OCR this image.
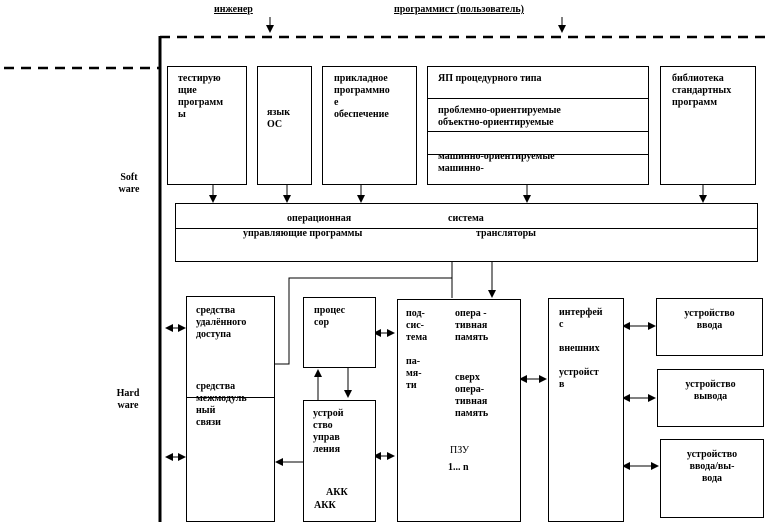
инженер	программист (пользователь)
Soft
ware
Hard
ware
тестирую
щие
программ
ы	язык
ОС
прикладное
программно
е
обеспечение
ЯП процедурного типа
проблемно-ориентируемые
объектно-ориентируемые
машинно-ориентируемые
машинно-
библиотека
стандартных
программ
операционная	система
управляющие программы	трансляторы
средства
удалённого
доступа
средства
межмодуль
ный
связи
процес
сор
устрой
ство
управ
ления
АКК
АКК
под-
сис-
тема

па-
мя-
ти
опера -
тивная
память
сверх
опера-
тивная
память
ПЗУ
1... n
интерфей
с

внешних

устройст
в
устройство
ввода
устройство
вывода
устройство
ввода/вы-
вода
